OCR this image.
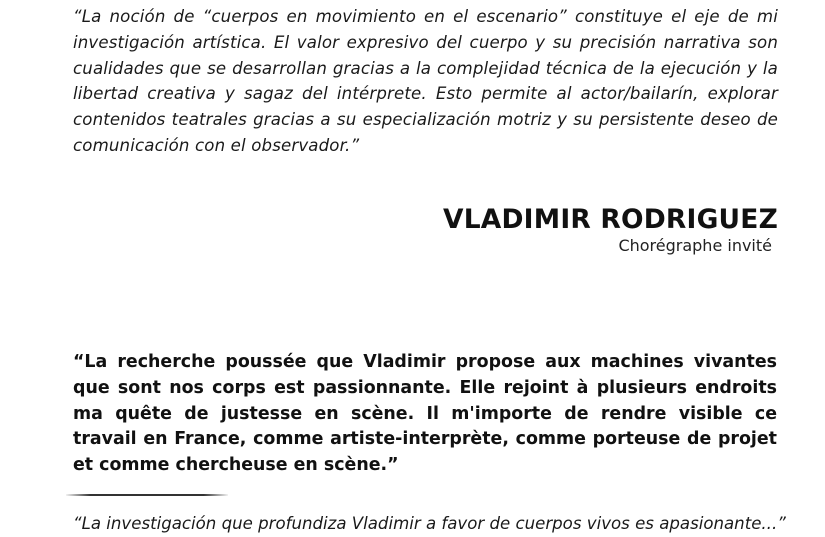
“La noción de “cuerpos en movimiento en el escenario” constituye el eje de mi investigación artística. El valor expresivo del cuerpo y su precisión narrativa son cualidades que se desarrollan gracias a la complejidad técnica de la ejecución y la libertad creativa y sagaz del intérprete. Esto permite al actor/bailarín, explorar contenidos teatrales gracias a su especialización motriz y su persistente deseo de comunicación con el observador.”

VLADIMIR RODRIGUEZ

Chorégraphe invité

“La recherche poussée que Vladimir propose aux machines vivantes que sont nos corps est passionnante. Elle rejoint à plusieurs endroits ma quête de justesse en scène. Il m'importe de rendre visible ce travail en France, comme artiste-interprète, comme porteuse de projet et comme chercheuse en scène.”

“La investigación que profundiza Vladimir a favor de cuerpos vivos es apasionante...”
